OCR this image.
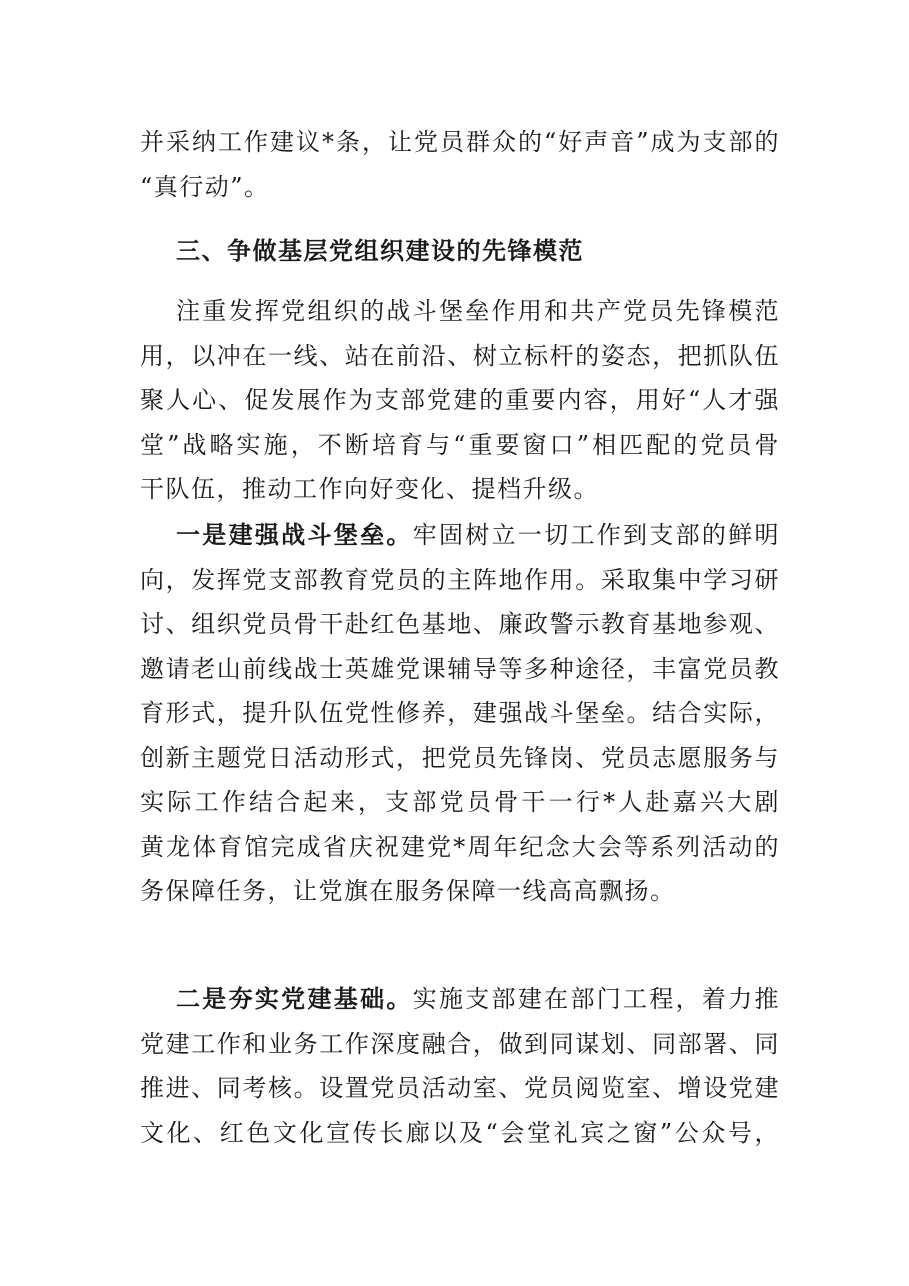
并采纳工作建议*条，让党员群众的“好声音”成为支部的
“真行动”。
三、争做基层党组织建设的先锋模范
注重发挥党组织的战斗堡垒作用和共产党员先锋模范
用，以冲在一线、站在前沿、树立标杆的姿态，把抓队伍
聚人心、促发展作为支部党建的重要内容，用好“人才强
堂”战略实施，不断培育与“重要窗口”相匹配的党员骨
干队伍，推动工作向好变化、提档升级。
一是建强战斗堡垒。牢固树立一切工作到支部的鲜明
向，发挥党支部教育党员的主阵地作用。采取集中学习研
讨、组织党员骨干赴红色基地、廉政警示教育基地参观、
邀请老山前线战士英雄党课辅导等多种途径，丰富党员教
育形式，提升队伍党性修养，建强战斗堡垒。结合实际，
创新主题党日活动形式，把党员先锋岗、党员志愿服务与
实际工作结合起来，支部党员骨干一行*人赴嘉兴大剧
黄龙体育馆完成省庆祝建党*周年纪念大会等系列活动的
务保障任务，让党旗在服务保障一线高高飘扬。
二是夯实党建基础。实施支部建在部门工程，着力推
党建工作和业务工作深度融合，做到同谋划、同部署、同
推进、同考核。设置党员活动室、党员阅览室、增设党建
文化、红色文化宣传长廊以及“会堂礼宾之窗”公众号，
